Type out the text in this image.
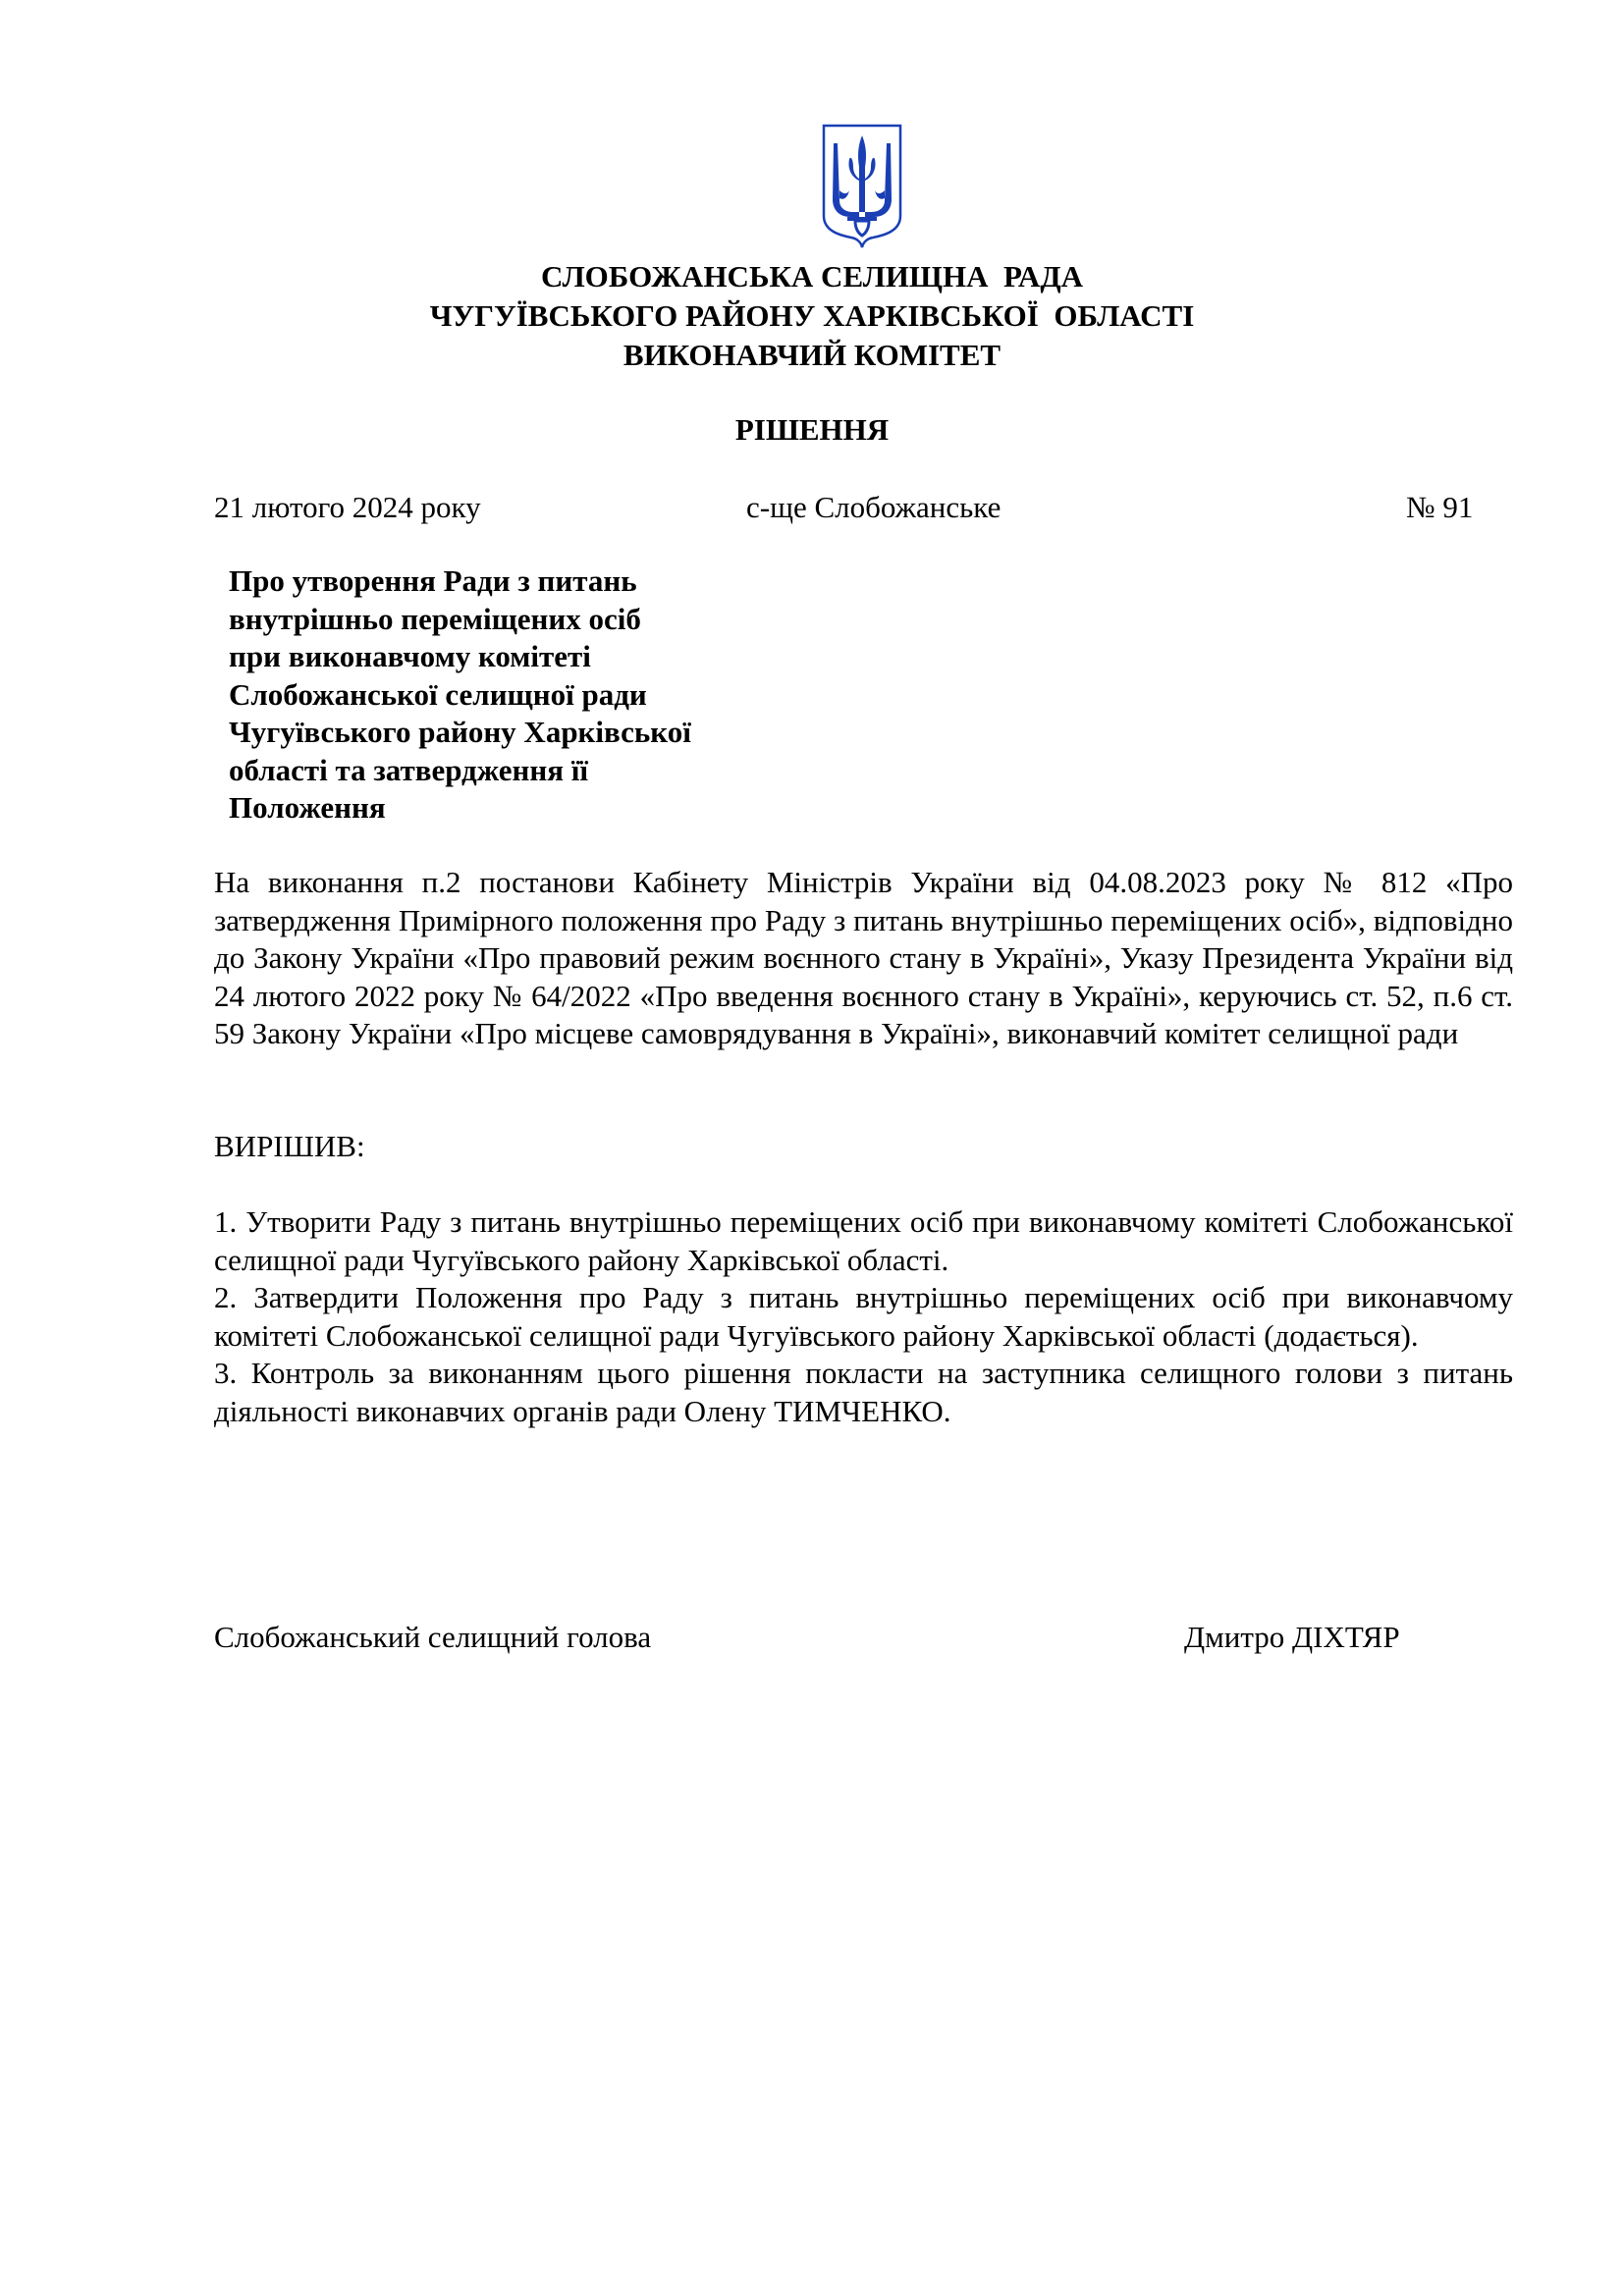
СЛОБОЖАНСЬКА СЕЛИЩНА  РАДА
ЧУГУЇВСЬКОГО РАЙОНУ ХАРКІВСЬКОЇ  ОБЛАСТІ
ВИКОНАВЧИЙ КОМІТЕТ
РІШЕННЯ
21 лютого 2024 року	с-ще Слобожанське	№ 91
Про утворення Ради з питань
внутрішньо переміщених осіб
при виконавчому комітеті
Слобожанської селищної ради
Чугуївського району Харківської
області та затвердження її
Положення
На виконання п.2 постанови Кабінету Міністрів України від 04.08.2023 року № 812 «Про затвердження Примірного положення про Раду з питань внутрішньо переміщених осіб», відповідно до Закону України «Про правовий режим воєнного стану в Україні», Указу Президента України від 24 лютого 2022 року № 64/2022 «Про введення воєнного стану в Україні», керуючись ст. 52, п.6 ст. 59 Закону України «Про місцеве самоврядування в Україні», виконавчий комітет селищної ради
ВИРІШИВ:

1. Утворити Раду з питань внутрішньо переміщених осіб при виконавчому комітеті Слобожанської селищної ради Чугуївського району Харківської області.

2. Затвердити Положення про Раду з питань внутрішньо переміщених осіб при виконавчому комітеті Слобожанської селищної ради Чугуївського району Харківської області (додається).

3. Контроль за виконанням цього рішення покласти на заступника селищного голови з питань діяльності виконавчих органів ради Олену ТИМЧЕНКО.

Слобожанський селищний голова	Дмитро ДІХТЯР
